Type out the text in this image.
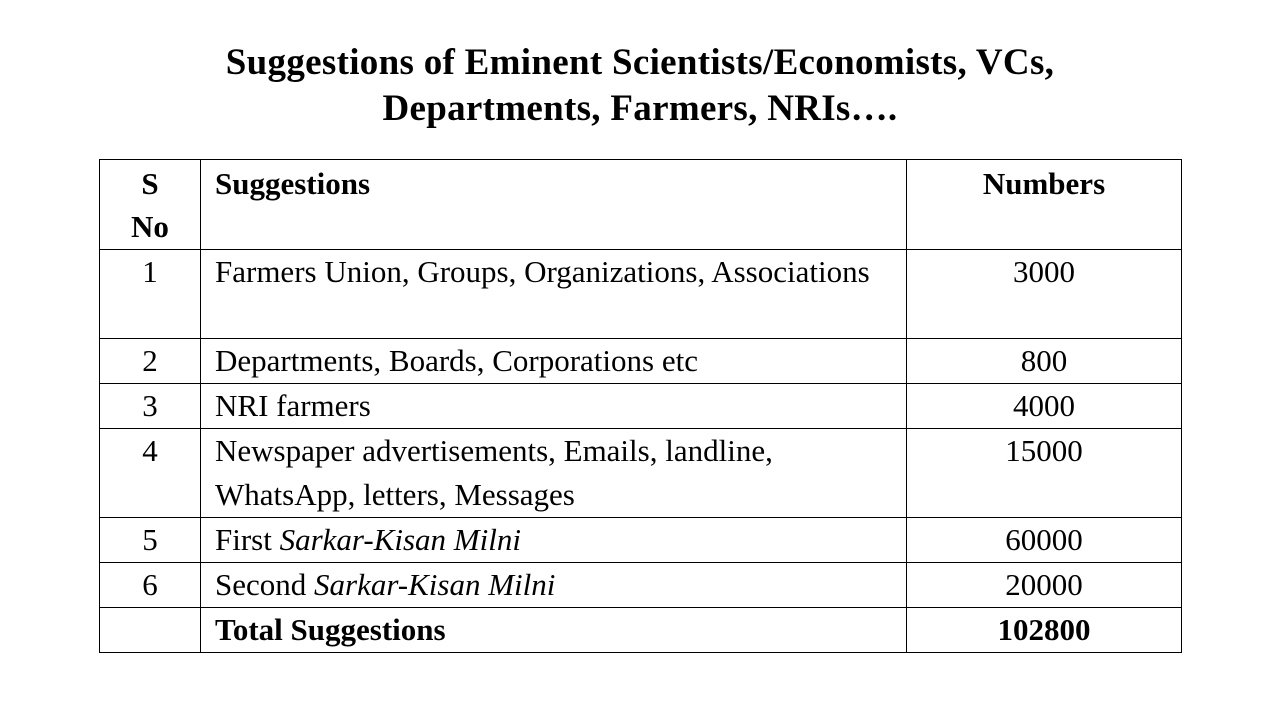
Suggestions of Eminent Scientists/Economists, VCs,
Departments, Farmers, NRIs….
S
No	Suggestions	Numbers
1	Farmers Union, Groups, Organizations, Associations	3000
2	Departments, Boards, Corporations etc	800
3	NRI farmers	4000
4	Newspaper advertisements, Emails, landline, WhatsApp, letters, Messages	15000
5	First Sarkar-Kisan Milni	60000
6	Second Sarkar-Kisan Milni	20000
	Total Suggestions	102800
